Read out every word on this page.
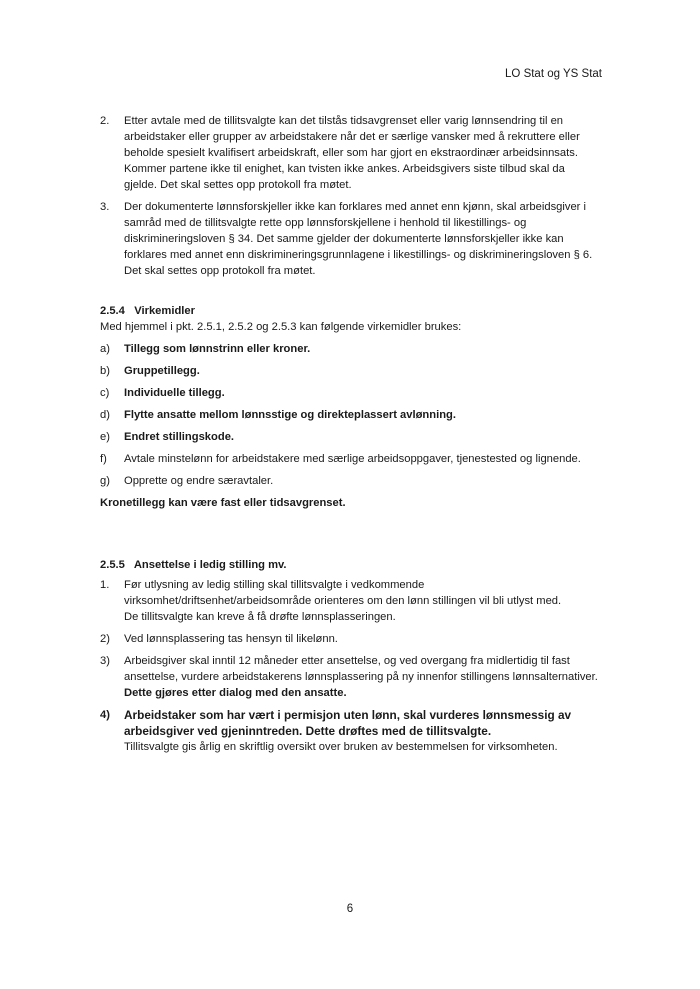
LO Stat og YS Stat
2. Etter avtale med de tillitsvalgte kan det tilstås tidsavgrenset eller varig lønnsendring til en arbeidstaker eller grupper av arbeidstakere når det er særlige vansker med å rekruttere eller beholde spesielt kvalifisert arbeidskraft, eller som har gjort en ekstraordinær arbeidsinnsats. Kommer partene ikke til enighet, kan tvisten ikke ankes. Arbeidsgivers siste tilbud skal da gjelde. Det skal settes opp protokoll fra møtet.

3. Der dokumenterte lønnsforskjeller ikke kan forklares med annet enn kjønn, skal arbeidsgiver i samråd med de tillitsvalgte rette opp lønnsforskjellene i henhold til likestillings- og diskrimineringsloven § 34. Det samme gjelder der dokumenterte lønnsforskjeller ikke kan forklares med annet enn diskrimineringsgrunnlagene i likestillings- og diskrimineringsloven § 6. Det skal settes opp protokoll fra møtet.

2.5.4 Virkemidler

Med hjemmel i pkt. 2.5.1, 2.5.2 og 2.5.3 kan følgende virkemidler brukes:

a) Tillegg som lønnstrinn eller kroner.

b) Gruppetillegg.

c) Individuelle tillegg.

d) Flytte ansatte mellom lønnsstige og direkteplassert avlønning.

e) Endret stillingskode.

f) Avtale minstelønn for arbeidstakere med særlige arbeidsoppgaver, tjenestested og lignende.

g) Opprette og endre særavtaler.

Kronetillegg kan være fast eller tidsavgrenset.

2.5.5 Ansettelse i ledig stilling mv.
1. Før utlysning av ledig stilling skal tillitsvalgte i vedkommende virksomhet/driftsenhet/arbeidsområde orienteres om den lønn stillingen vil bli utlyst med.

De tillitsvalgte kan kreve å få drøfte lønnsplasseringen.

2) Ved lønnsplassering tas hensyn til likelønn.

3) Arbeidsgiver skal inntil 12 måneder etter ansettelse, og ved overgang fra midlertidig til fast ansettelse, vurdere arbeidstakerens lønnsplassering på ny innenfor stillingens lønnsalternativer. Dette gjøres etter dialog med den ansatte.

4) Arbeidstaker som har vært i permisjon uten lønn, skal vurderes lønnsmessig av arbeidsgiver ved gjeninntreden. Dette drøftes med de tillitsvalgte.

Tillitsvalgte gis årlig en skriftlig oversikt over bruken av bestemmelsen for virksomheten.

6
